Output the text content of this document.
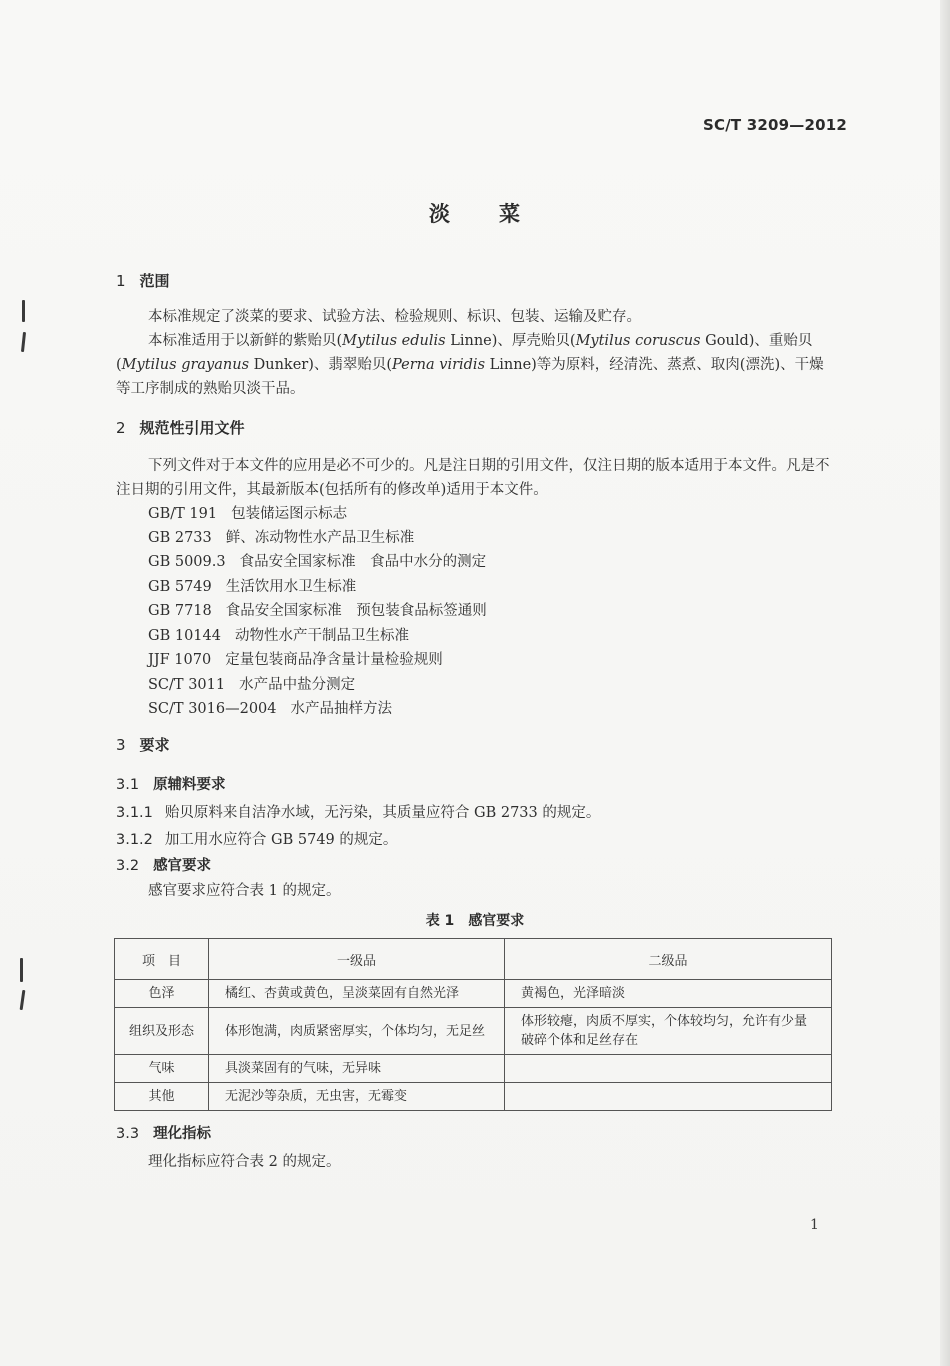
SC/T 3209—2012
淡 菜
1 范围
本标准规定了淡菜的要求、试验方法、检验规则、标识、包装、运输及贮存。
本标准适用于以新鲜的紫贻贝(Mytilus edulis Linne)、厚壳贻贝(Mytilus coruscus Gould)、重贻贝(Mytilus grayanus Dunker)、翡翠贻贝(Perna viridis Linne)等为原料，经清洗、蒸煮、取肉(漂洗)、干燥等工序制成的熟贻贝淡干品。
2 规范性引用文件
下列文件对于本文件的应用是必不可少的。凡是注日期的引用文件，仅注日期的版本适用于本文件。凡是不注日期的引用文件，其最新版本(包括所有的修改单)适用于本文件。
GB/T 191 包装储运图示标志
GB 2733 鲜、冻动物性水产品卫生标准
GB 5009.3 食品安全国家标准　食品中水分的测定
GB 5749 生活饮用水卫生标准
GB 7718 食品安全国家标准　预包装食品标签通则
GB 10144 动物性水产干制品卫生标准
JJF 1070 定量包装商品净含量计量检验规则
SC/T 3011 水产品中盐分测定
SC/T 3016—2004 水产品抽样方法
3 要求
3.1 原辅料要求
3.1.1 贻贝原料来自洁净水域，无污染，其质量应符合 GB 2733 的规定。
3.1.2 加工用水应符合 GB 5749 的规定。
3.2 感官要求
感官要求应符合表 1 的规定。
表 1 感官要求
项　目	一级品	二级品
色泽	橘红、杏黄或黄色，呈淡菜固有自然光泽	黄褐色，光泽暗淡
组织及形态	体形饱满，肉质紧密厚实，个体均匀，无足丝	体形较瘪，肉质不厚实，个体较均匀，允许有少量破碎个体和足丝存在
气味	具淡菜固有的气味，无异味	
其他	无泥沙等杂质，无虫害，无霉变	
3.3 理化指标
理化指标应符合表 2 的规定。
1
